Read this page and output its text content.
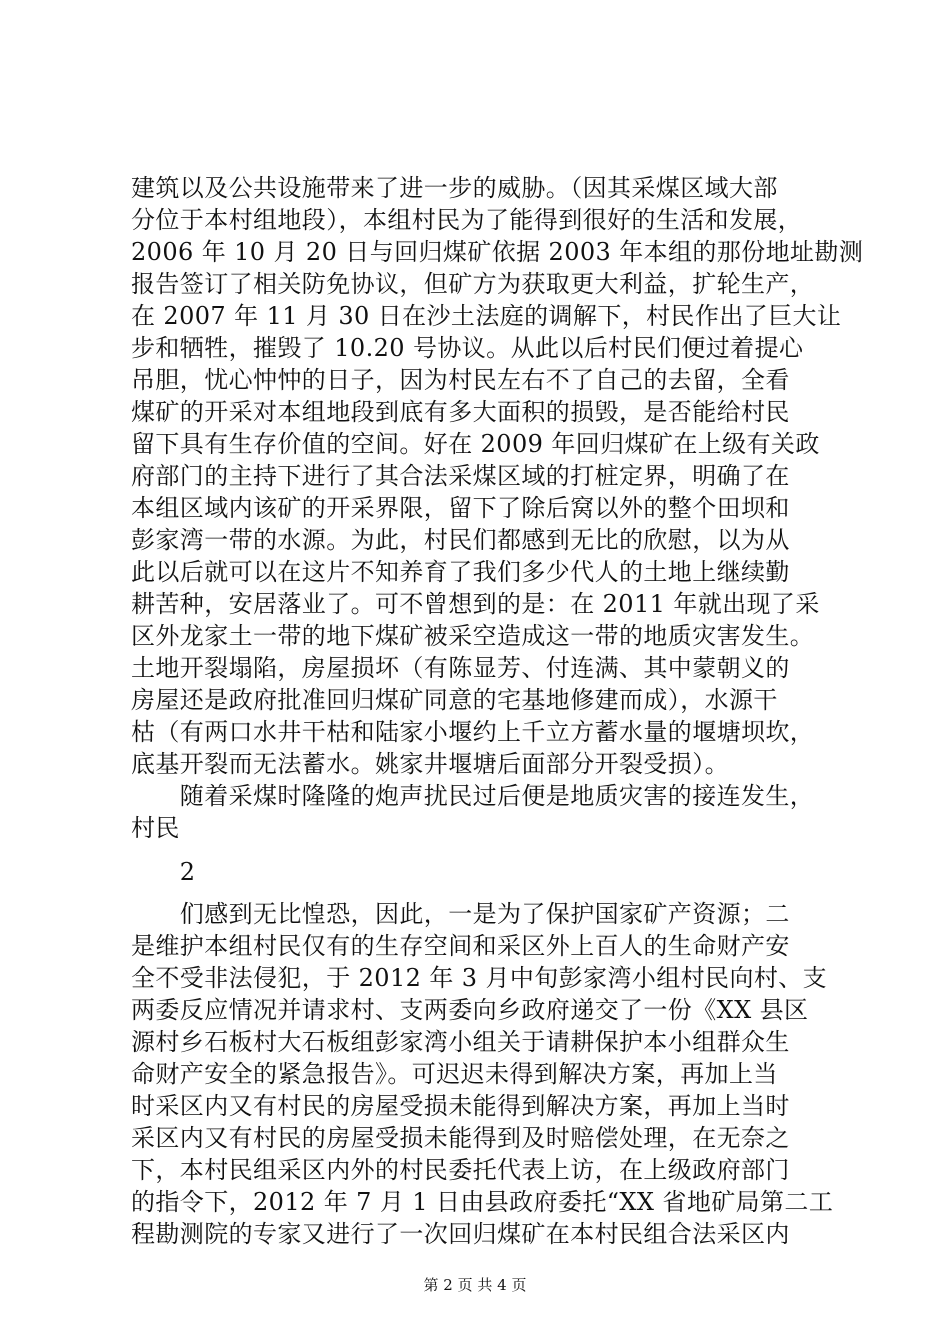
建筑以及公共设施带来了进一步的威胁。（因其采煤区域大部
分位于本村组地段），本组村民为了能得到很好的生活和发展，
2006 年 10 月 20 日与回归煤矿依据 2003 年本组的那份地址勘测
报告签订了相关防免协议，但矿方为获取更大利益，扩轮生产，
在 2007 年 11 月 30 日在沙土法庭的调解下，村民作出了巨大让
步和牺牲，摧毁了 10.20 号协议。从此以后村民们便过着提心
吊胆，忧心忡忡的日子，因为村民左右不了自己的去留，全看
煤矿的开采对本组地段到底有多大面积的损毁，是否能给村民
留下具有生存价值的空间。好在 2009 年回归煤矿在上级有关政
府部门的主持下进行了其合法采煤区域的打桩定界，明确了在
本组区域内该矿的开采界限，留下了除后窝以外的整个田坝和
彭家湾一带的水源。为此，村民们都感到无比的欣慰，以为从
此以后就可以在这片不知养育了我们多少代人的土地上继续勤
耕苦种，安居落业了。可不曾想到的是：在 2011 年就出现了采
区外龙家土一带的地下煤矿被采空造成这一带的地质灾害发生。
土地开裂塌陷，房屋损坏（有陈显芳、付连满、其中蒙朝义的
房屋还是政府批准回归煤矿同意的宅基地修建而成），水源干
枯（有两口水井干枯和陆家小堰约上千立方蓄水量的堰塘坝坎，
底基开裂而无法蓄水。姚家井堰塘后面部分开裂受损）。
　　随着采煤时隆隆的炮声扰民过后便是地质灾害的接连发生，
村民
　　2
　　们感到无比惶恐，因此，一是为了保护国家矿产资源；二
是维护本组村民仅有的生存空间和采区外上百人的生命财产安
全不受非法侵犯，于 2012 年 3 月中旬彭家湾小组村民向村、支
两委反应情况并请求村、支两委向乡政府递交了一份《XX 县区
源村乡石板村大石板组彭家湾小组关于请耕保护本小组群众生
命财产安全的紧急报告》。可迟迟未得到解决方案，再加上当
时采区内又有村民的房屋受损未能得到解决方案，再加上当时
采区内又有村民的房屋受损未能得到及时赔偿处理，在无奈之
下，本村民组采区内外的村民委托代表上访，在上级政府部门
的指令下，2012 年 7 月 1 日由县政府委托“XX 省地矿局第二工
程勘测院的专家又进行了一次回归煤矿在本村民组合法采区内
第 2 页 共 4 页
